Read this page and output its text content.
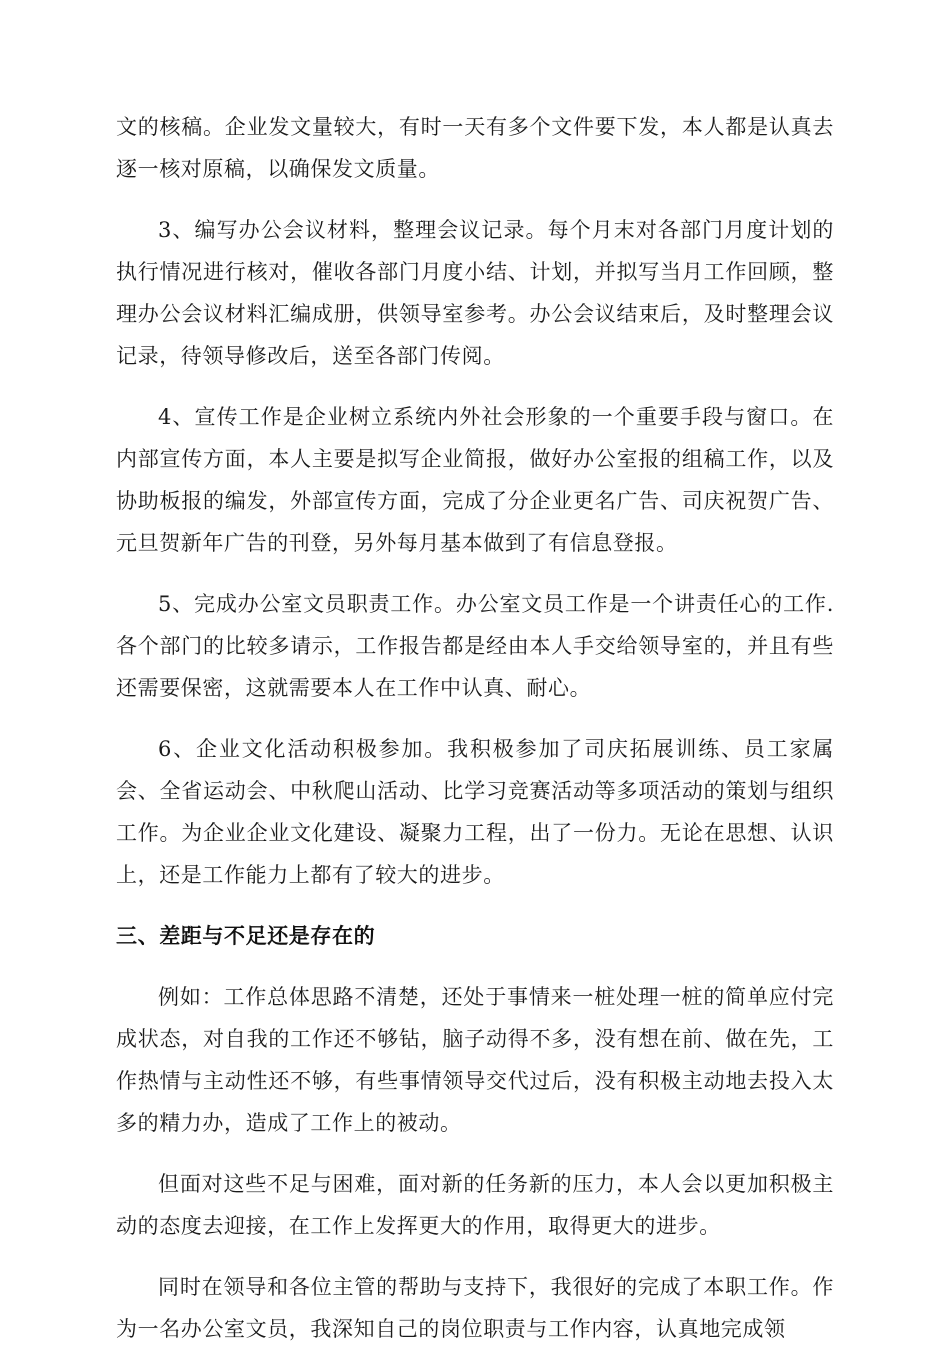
文的核稿。企业发文量较大，有时一天有多个文件要下发，本人都是认真去逐一核对原稿，以确保发文质量。

3、编写办公会议材料，整理会议记录。每个月末对各部门月度计划的执行情况进行核对，催收各部门月度小结、计划，并拟写当月工作回顾，整理办公会议材料汇编成册，供领导室参考。办公会议结束后，及时整理会议记录，待领导修改后，送至各部门传阅。

4、宣传工作是企业树立系统内外社会形象的一个重要手段与窗口。在内部宣传方面，本人主要是拟写企业简报，做好办公室报的组稿工作，以及协助板报的编发，外部宣传方面，完成了分企业更名广告、司庆祝贺广告、元旦贺新年广告的刊登，另外每月基本做到了有信息登报。

5、完成办公室文员职责工作。办公室文员工作是一个讲责任心的工作. 各个部门的比较多请示，工作报告都是经由本人手交给领导室的，并且有些还需要保密，这就需要本人在工作中认真、耐心。

6、企业文化活动积极参加。我积极参加了司庆拓展训练、员工家属会、全省运动会、中秋爬山活动、比学习竞赛活动等多项活动的策划与组织工作。为企业企业文化建设、凝聚力工程，出了一份力。无论在思想、认识上，还是工作能力上都有了较大的进步。

三、差距与不足还是存在的

例如：工作总体思路不清楚，还处于事情来一桩处理一桩的简单应付完成状态，对自我的工作还不够钻，脑子动得不多，没有想在前、做在先，工作热情与主动性还不够，有些事情领导交代过后，没有积极主动地去投入太多的精力办，造成了工作上的被动。

但面对这些不足与困难，面对新的任务新的压力，本人会以更加积极主动的态度去迎接，在工作上发挥更大的作用，取得更大的进步。

同时在领导和各位主管的帮助与支持下，我很好的完成了本职工作。作为一名办公室文员，我深知自己的岗位职责与工作内容，认真地完成领
